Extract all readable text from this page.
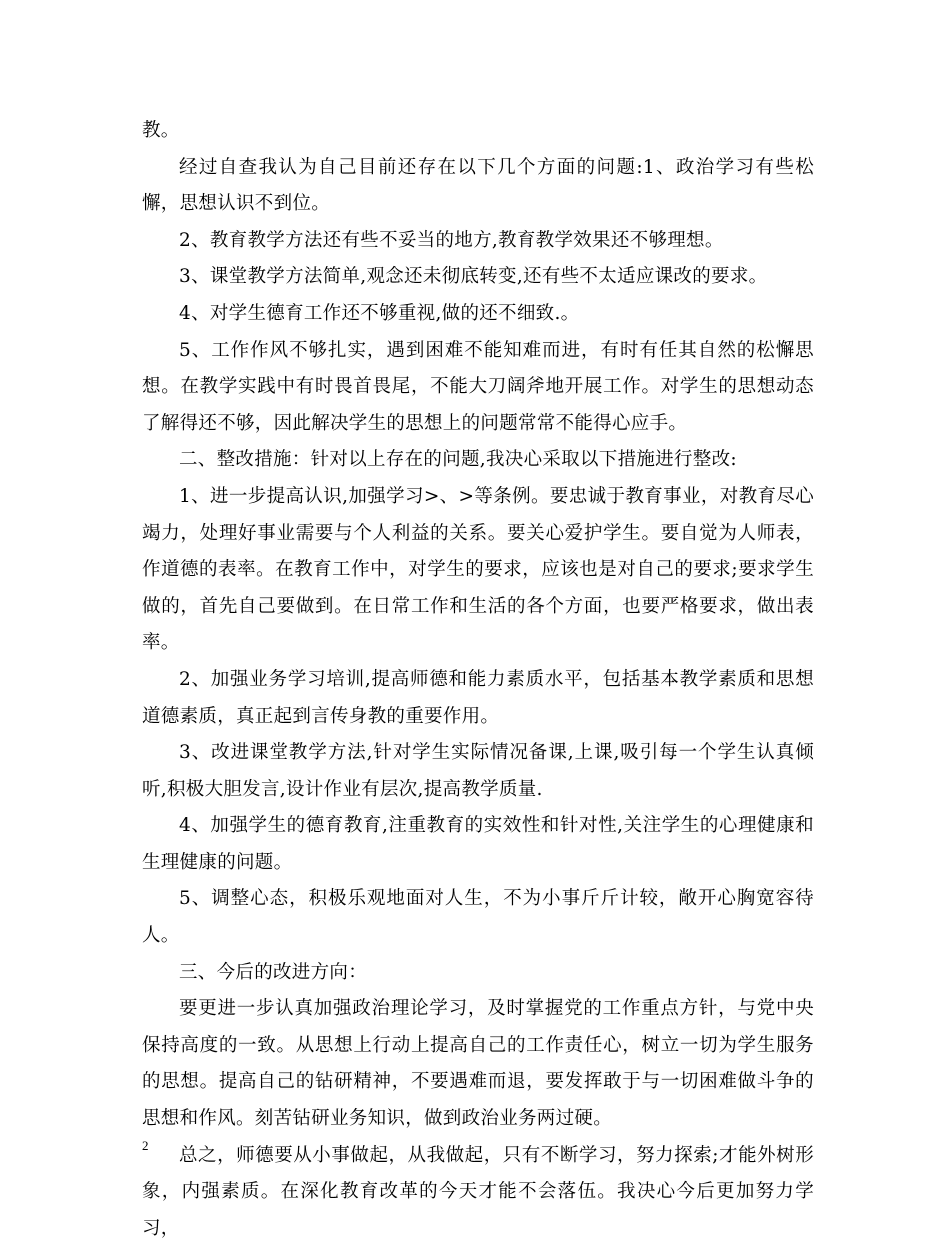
教。

经过自查我认为自己目前还存在以下几个方面的问题:1、政治学习有些松懈，思想认识不到位。

2、教育教学方法还有些不妥当的地方,教育教学效果还不够理想。

3、课堂教学方法简单,观念还未彻底转变,还有些不太适应课改的要求。

4、对学生德育工作还不够重视,做的还不细致.。

5、工作作风不够扎实，遇到困难不能知难而进，有时有任其自然的松懈思想。在教学实践中有时畏首畏尾，不能大刀阔斧地开展工作。对学生的思想动态了解得还不够，因此解决学生的思想上的问题常常不能得心应手。

二、整改措施：针对以上存在的问题,我决心采取以下措施进行整改:

1、进一步提高认识,加强学习>、>等条例。要忠诚于教育事业，对教育尽心竭力，处理好事业需要与个人利益的关系。要关心爱护学生。要自觉为人师表，作道德的表率。在教育工作中，对学生的要求，应该也是对自己的要求;要求学生做的，首先自己要做到。在日常工作和生活的各个方面，也要严格要求，做出表率。

2、加强业务学习培训,提高师德和能力素质水平，包括基本教学素质和思想道德素质，真正起到言传身教的重要作用。

3、改进课堂教学方法,针对学生实际情况备课,上课,吸引每一个学生认真倾听,积极大胆发言,设计作业有层次,提高教学质量.

4、加强学生的德育教育,注重教育的实效性和针对性,关注学生的心理健康和生理健康的问题。

5、调整心态，积极乐观地面对人生，不为小事斤斤计较，敞开心胸宽容待人。

三、今后的改进方向：

要更进一步认真加强政治理论学习，及时掌握党的工作重点方针，与党中央保持高度的一致。从思想上行动上提高自己的工作责任心，树立一切为学生服务的思想。提高自己的钻研精神，不要遇难而退，要发挥敢于与一切困难做斗争的思想和作风。刻苦钻研业务知识，做到政治业务两过硬。

总之，师德要从小事做起，从我做起，只有不断学习，努力探索;才能外树形象，内强素质。在深化教育改革的今天才能不会落伍。我决心今后更加努力学习，

2
